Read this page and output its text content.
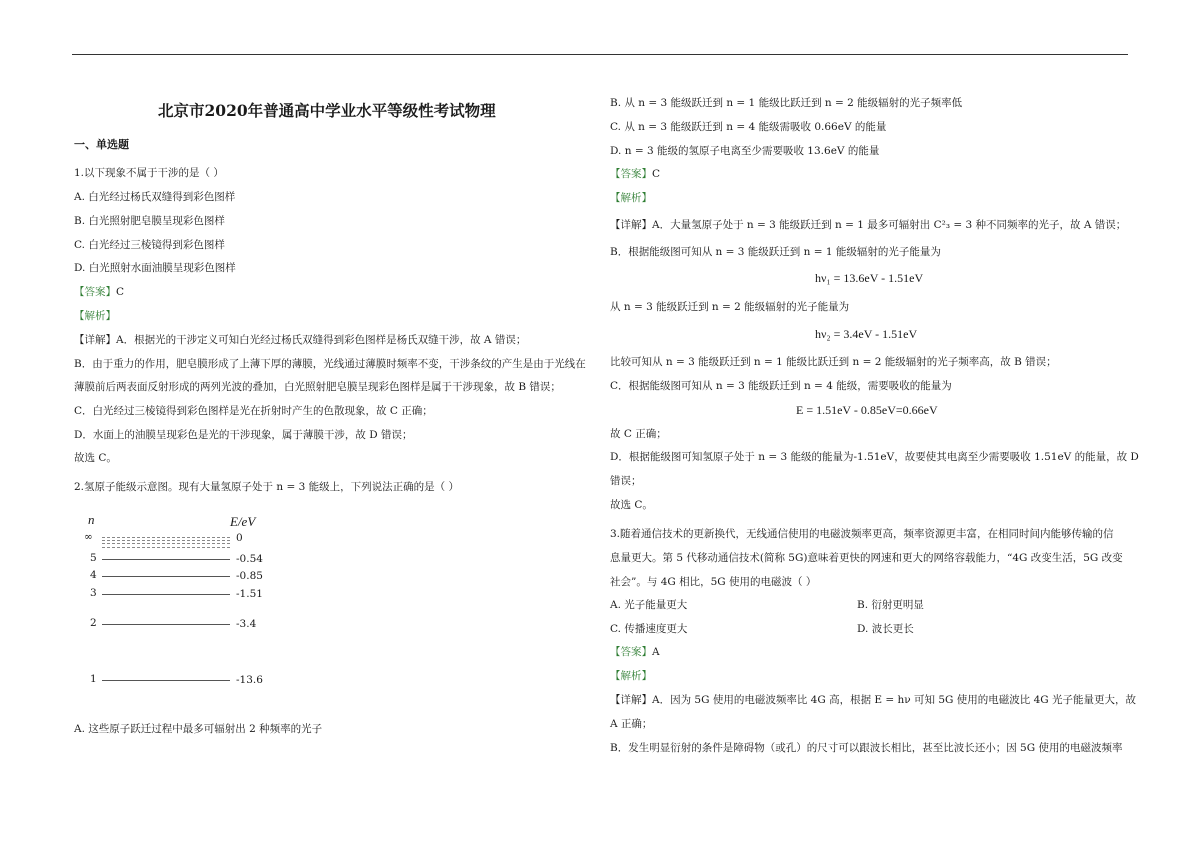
北京市2020年普通高中学业水平等级性考试物理
一、单选题
1.以下现象不属于干涉的是（ ）
A. 白光经过杨氏双缝得到彩色图样
B. 白光照射肥皂膜呈现彩色图样
C. 白光经过三棱镜得到彩色图样
D. 白光照射水面油膜呈现彩色图样
【答案】C
【解析】
【详解】A．根据光的干涉定义可知白光经过杨氏双缝得到彩色图样是杨氏双缝干涉，故 A 错误；
B．由于重力的作用，肥皂膜形成了上薄下厚的薄膜，光线通过薄膜时频率不变，干涉条纹的产生是由于光线在
薄膜前后两表面反射形成的两列光波的叠加，白光照射肥皂膜呈现彩色图样是属于干涉现象，故 B 错误；
C．白光经过三棱镜得到彩色图样是光在折射时产生的色散现象，故 C 正确；
D．水面上的油膜呈现彩色是光的干涉现象，属于薄膜干涉，故 D 错误；
故选 C。
2.氢原子能级示意图。现有大量氢原子处于 n = 3 能级上，下列说法正确的是（ ）
A. 这些原子跃迁过程中最多可辐射出 2 种频率的光子
n	E/eV
∞	0
5	-0.54
4	-0.85
3	-1.51
2	-3.4
1	-13.6
B. 从 n = 3 能级跃迁到 n = 1 能级比跃迁到 n = 2 能级辐射的光子频率低
C. 从 n = 3 能级跃迁到 n = 4 能级需吸收 0.66eV 的能量
D. n = 3 能级的氢原子电离至少需要吸收 13.6eV 的能量
【答案】C
【解析】
【详解】A．大量氢原子处于 n = 3 能级跃迁到 n = 1 最多可辐射出 C²₃ = 3 种不同频率的光子，故 A 错误；
B．根据能级图可知从 n = 3 能级跃迁到 n = 1 能级辐射的光子能量为
hν₁ = 13.6eV - 1.51eV
从 n = 3 能级跃迁到 n = 2 能级辐射的光子能量为
hν₂ = 3.4eV - 1.51eV
比较可知从 n = 3 能级跃迁到 n = 1 能级比跃迁到 n = 2 能级辐射的光子频率高，故 B 错误；
C．根据能级图可知从 n = 3 能级跃迁到 n = 4 能级，需要吸收的能量为
E = 1.51eV - 0.85eV=0.66eV
故 C 正确；
D．根据能级图可知氢原子处于 n = 3 能级的能量为-1.51eV，故要使其电离至少需要吸收 1.51eV 的能量，故 D
错误；
故选 C。
3.随着通信技术的更新换代，无线通信使用的电磁波频率更高，频率资源更丰富，在相同时间内能够传输的信
息量更大。第 5 代移动通信技术(简称 5G)意味着更快的网速和更大的网络容载能力，“4G 改变生活，5G 改变
社会”。与 4G 相比，5G 使用的电磁波（ ）
A. 光子能量更大	B. 衍射更明显
C. 传播速度更大	D. 波长更长
【答案】A
【解析】
【详解】A．因为 5G 使用的电磁波频率比 4G 高，根据 E = hν 可知 5G 使用的电磁波比 4G 光子能量更大，故
A 正确；
B．发生明显衍射的条件是障碍物（或孔）的尺寸可以跟波长相比，甚至比波长还小；因 5G 使用的电磁波频率
